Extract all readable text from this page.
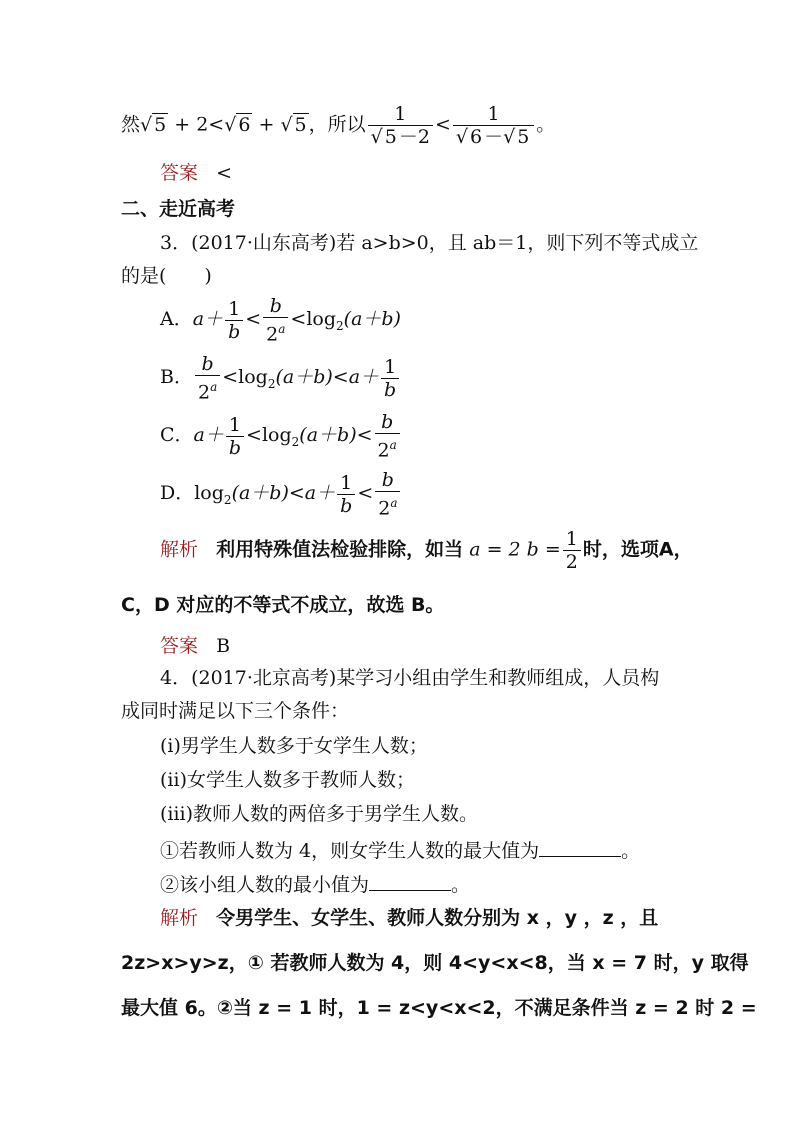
然√ 5 + 2<√ 6 + √ 5 ，所以 $\frac{1}{√ 5 -2} < \frac{1}{√ 6 -√ 5}$ 。
答案 <
二、走近高考
3．(2017·山东高考)若 a>b>0，且 ab＝1，则下列不等式成立
的是(　　)
A．$a+ \frac{1}{b} < \frac{b}{2^a} <\log_2(a+b)$
B． $\frac{b}{2^a} <\log_2(a+b)<a+ \frac{1}{b}$
C．$a+ \frac{1}{b} <\log_2(a+b)< \frac{b}{2^a}$
D．$\log_2(a+b)<a+ \frac{1}{b} < \frac{b}{2^a}$
解析 利用特殊值法检验排除，如当 a = 2 $b = \frac{1}{2}$ 时，选项A，
C，D 对应的不等式不成立，故选 B。
答案 B
4．(2017·北京高考)某学习小组由学生和教师组成，人员构
成同时满足以下三个条件：
(ⅰ)男学生人数多于女学生人数；
(ⅱ)女学生人数多于教师人数；
(ⅲ)教师人数的两倍多于男学生人数。
①若教师人数为 4，则女学生人数的最大值为	。
②该小组人数的最小值为	。
解析 令男学生、女学生、教师人数分别为 x ，y ，z ，且
2z>x>y>z，① 若教师人数为 4，则 4<y<x<8，当 x = 7 时，y 取得
最大值 6。②当 z = 1 时，1 = z<y<x<2，不满足条件当 z = 2 时 2 =
